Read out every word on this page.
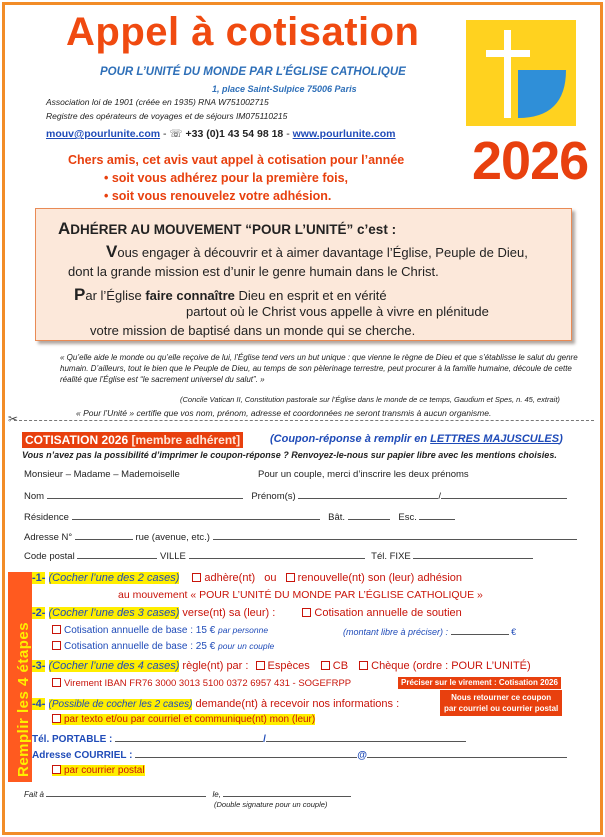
Appel à cotisation
POUR L’UNITÉ DU MONDE PAR L’ÉGLISE CATHOLIQUE
1, place Saint-Sulpice 75006 Paris
Association loi de 1901 (créée en 1935) RNA W751002715
Registre des opérateurs de voyages et de séjours IM075110215
mouv@pourlunite.com - ☏ +33 (0)1 43 54 98 18 - www.pourlunite.com 2026
Chers amis, cet avis vaut appel à cotisation pour l’année
• soit vous adhérez pour la première fois,
• soit vous renouvelez votre adhésion.
ADHÉRER AU MOUVEMENT “POUR L’UNITÉ” c’est :
Vous engager à découvrir et à aimer davantage l’Église, Peuple de Dieu,
dont la grande mission est d’unir le genre humain dans le Christ.
Par l’Église faire connaître Dieu en esprit et en vérité
partout où le Christ vous appelle à vivre en plénitude
votre mission de baptisé dans un monde qui se cherche.
« Qu’elle aide le monde ou qu’elle reçoive de lui, l’Église tend vers un but unique : que vienne le règne de Dieu et que s’établisse le salut du genre humain. D’ailleurs, tout le bien que le Peuple de Dieu, au temps de son pèlerinage terrestre, peut procurer à la famille humaine, découle de cette réalité que l’Église est “le sacrement universel du salut”. »
(Concile Vatican II, Constitution pastorale sur l’Église dans le monde de ce temps, Gaudium et Spes, n. 45, extrait)
« Pour l’Unité » certifie que vos nom, prénom, adresse et coordonnées ne seront transmis à aucun organisme.
✂
COTISATION 2026 [membre adhérent]	(Coupon-réponse à remplir en LETTRES MAJUSCULES)
Vous n’avez pas la possibilité d’imprimer le coupon-réponse ? Renvoyez-le-nous sur papier libre avec les mentions choisies.
Monsieur – Madame – Mademoiselle	Pour un couple, merci d’inscrire les deux prénoms
Nom	Prénom(s)	/
Résidence	Bât.	Esc.
Adresse N°	rue (avenue, etc.)
Code postal	VILLE	Tél. FIXE
Remplir les 4 étapes
-1- (Cocher l’une des 2 cases) adhère(nt) ou renouvelle(nt) son (leur) adhésion
au mouvement « POUR L’UNITÉ DU MONDE PAR L’ÉGLISE CATHOLIQUE »
-2- (Cocher l’une des 3 cases) verse(nt) sa (leur) :	Cotisation annuelle de soutien
Cotisation annuelle de base : 15 € par personne	(montant libre à préciser) :	€
Cotisation annuelle de base : 25 € pour un couple
-3- (Cocher l’une des 4 cases) règle(nt) par : Espèces CB Chèque (ordre : POUR L’UNITÉ)
Virement IBAN FR76 3000 3013 5100 0372 6957 431 - SOGEFRPP	Préciser sur le virement : Cotisation 2026
-4- (Possible de cocher les 2 cases) demande(nt) à recevoir nos informations :
Nous retourner ce coupon
par courriel ou courrier postal
par texto et/ou par courriel et communique(nt) mon (leur)
Tél. PORTABLE :	/
Adresse COURRIEL :	@
par courrier postal
Fait à	le,
(Double signature pour un couple)
